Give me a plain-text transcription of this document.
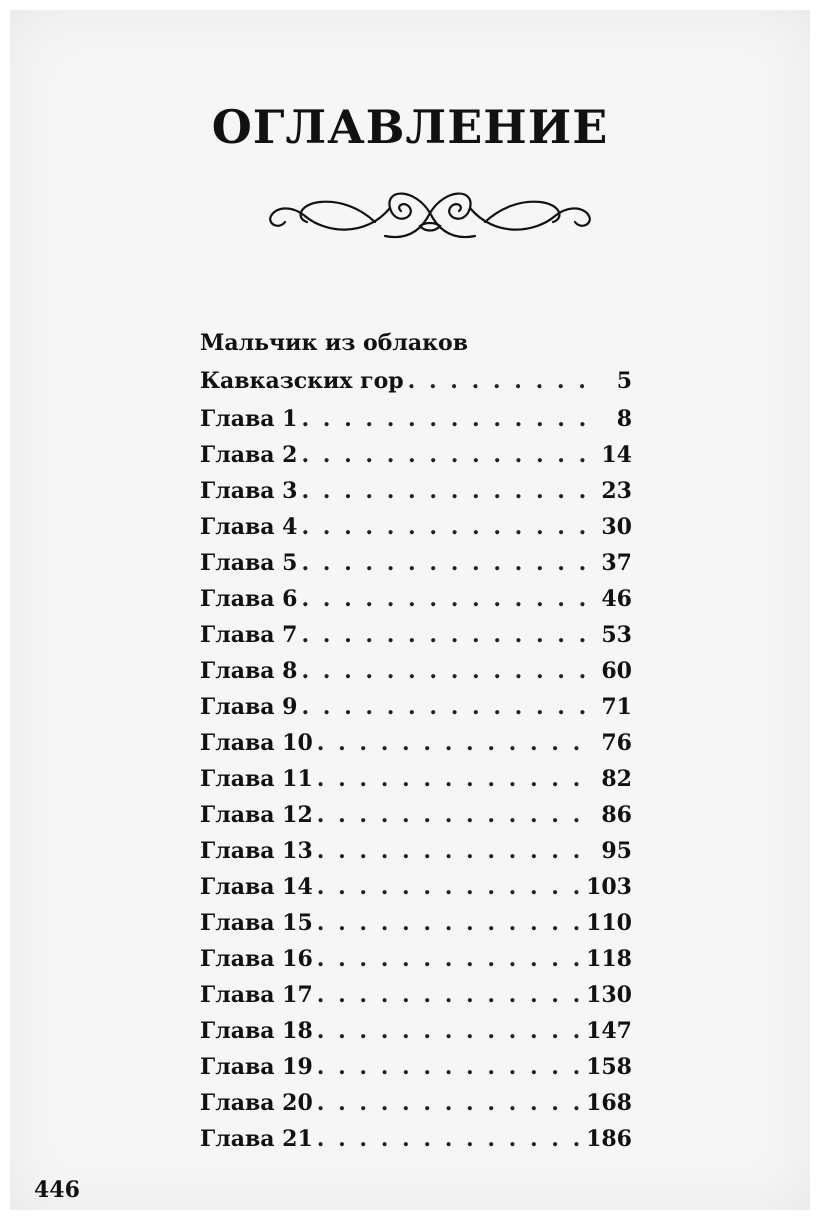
ОГЛАВЛЕНИЕ
Мальчик из облаков
Кавказских гор . . .	5
Глава 1 . . .	8
Глава 2 . . .	14
Глава 3 . . .	23
Глава 4 . . .	30
Глава 5 . . .	37
Глава 6 . . .	46
Глава 7 . . .	53
Глава 8 . . .	60
Глава 9 . . .	71
Глава 10 . . .	76
Глава 11 . . .	82
Глава 12 . . .	86
Глава 13 . . .	95
Глава 14 . . .	103
Глава 15 . . .	110
Глава 16 . . .	118
Глава 17 . . .	130
Глава 18 . . .	147
Глава 19 . . .	158
Глава 20 . . .	168
Глава 21 . . .	186
446
